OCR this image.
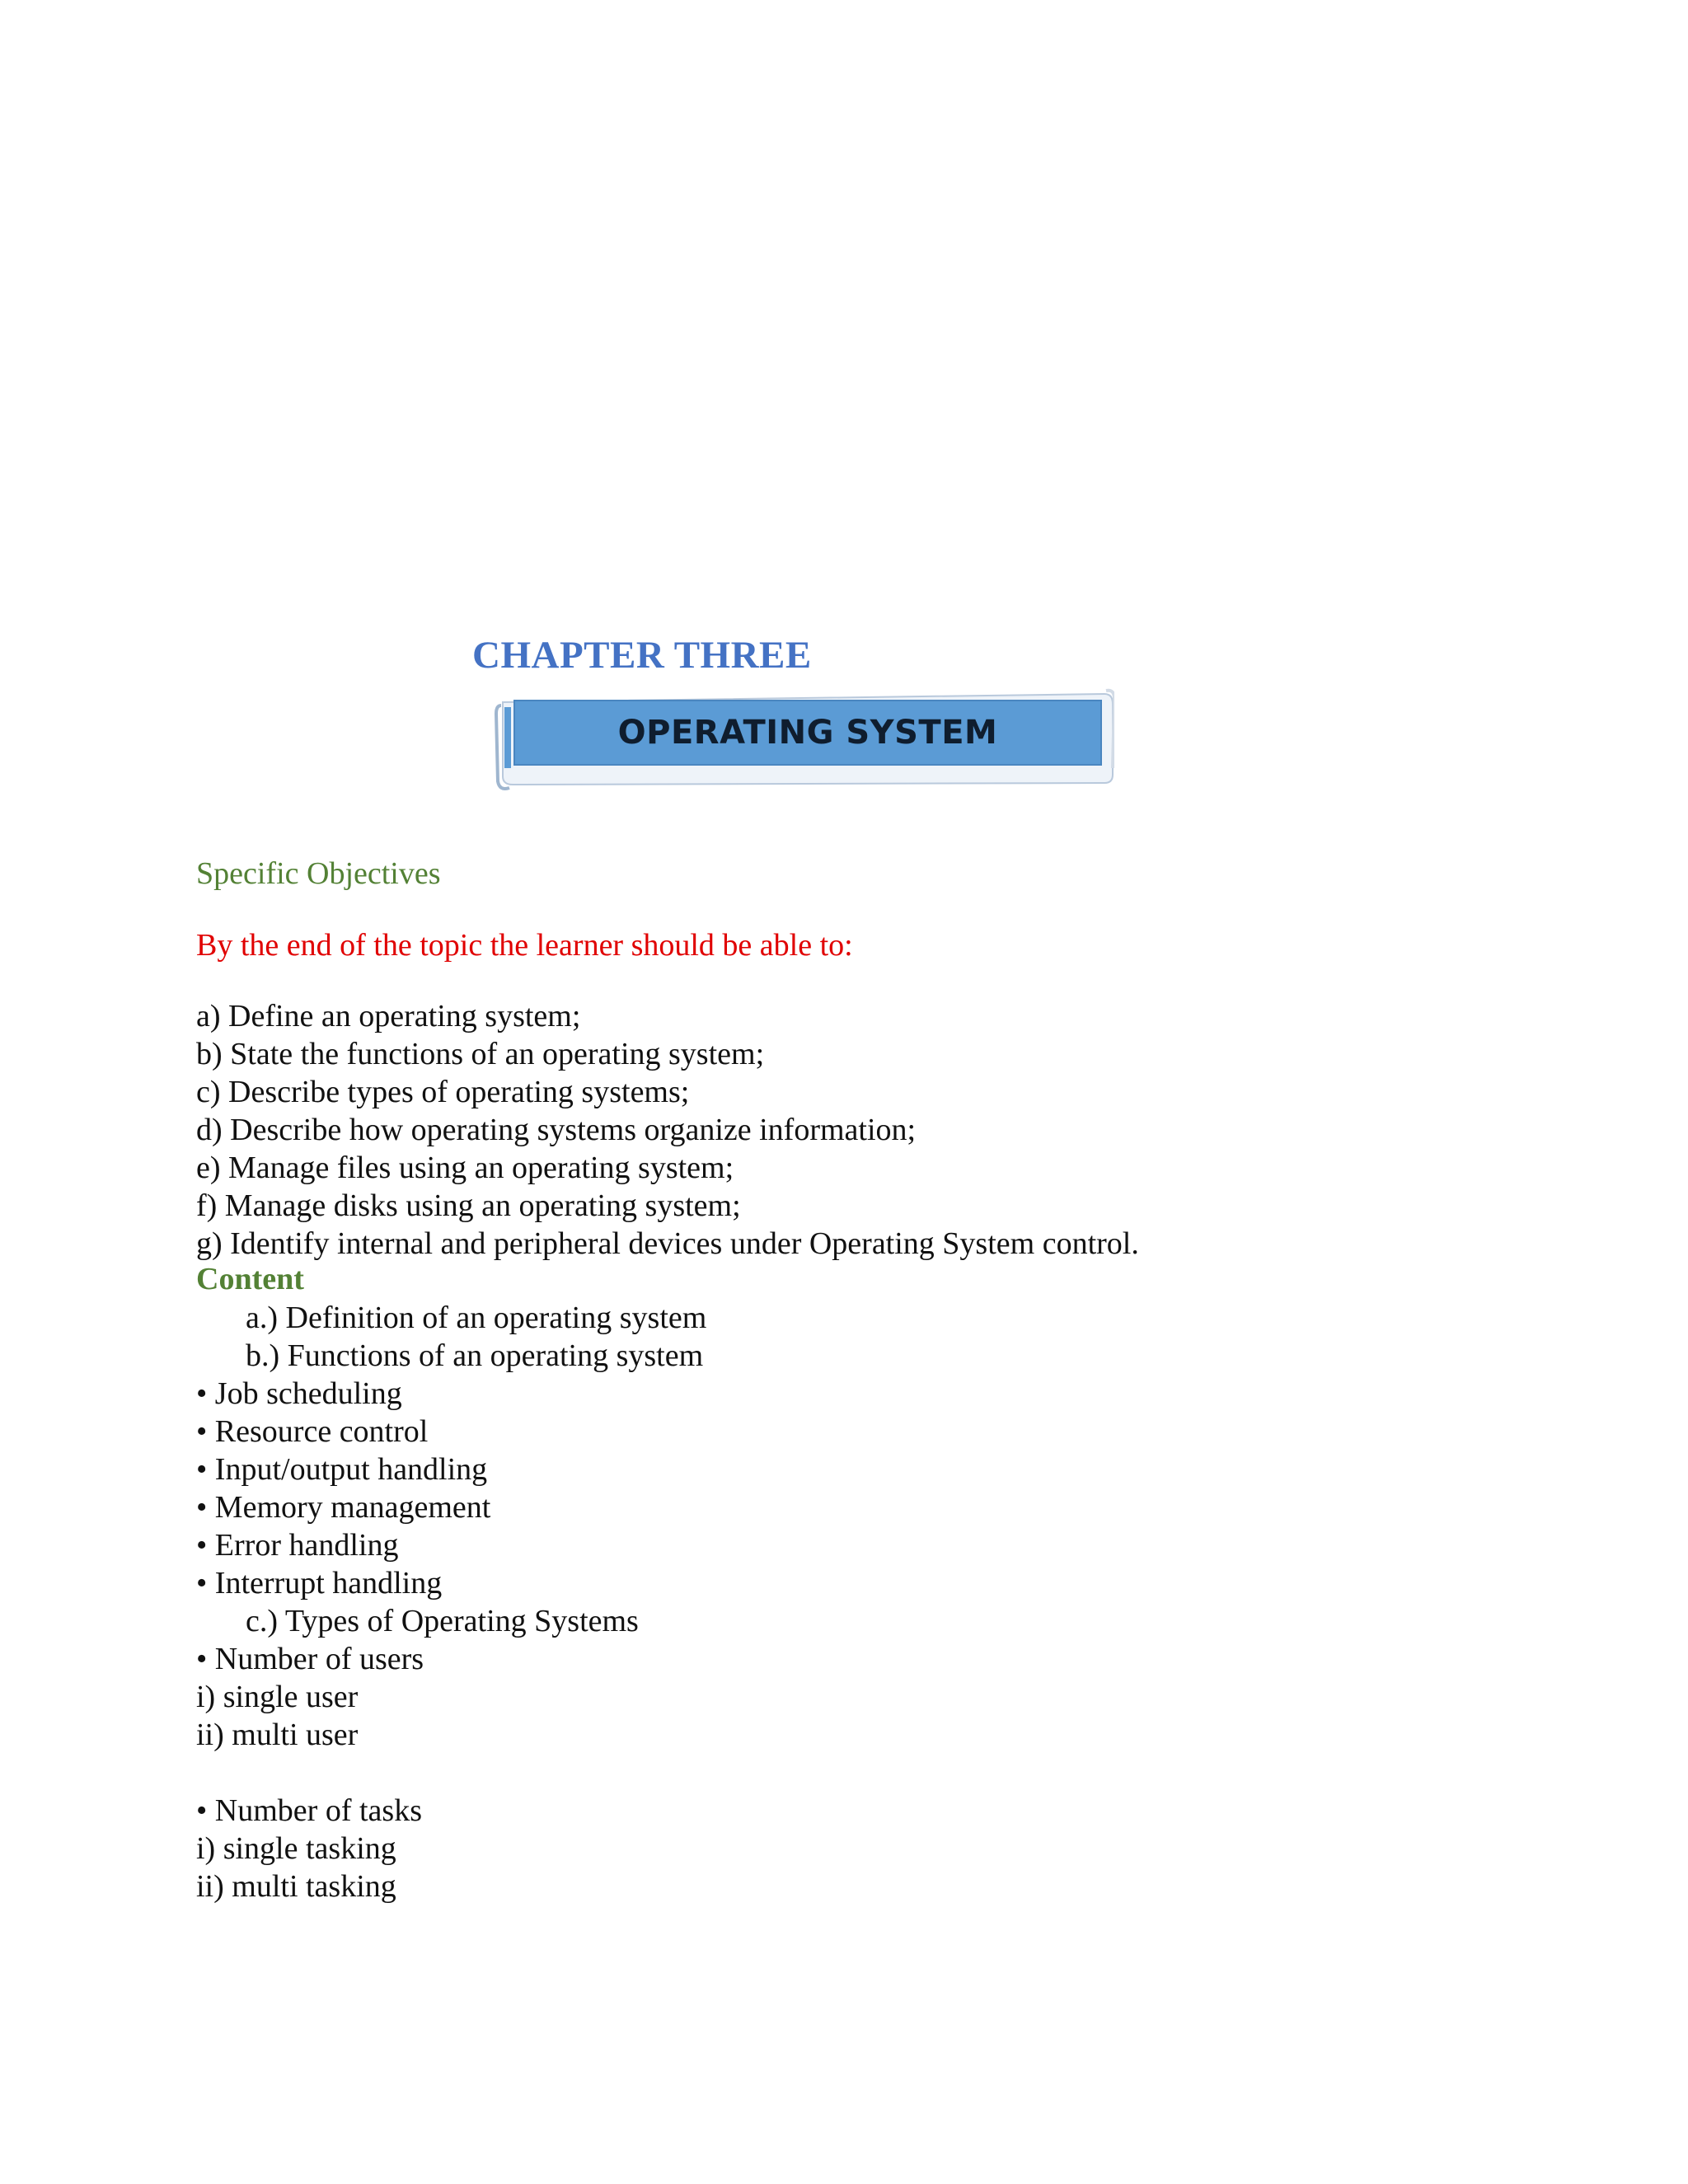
CHAPTER THREE
OPERATING SYSTEM
Specific Objectives
By the end of the topic the learner should be able to:
a) Define an operating system;
b) State the functions of an operating system;
c) Describe types of operating systems;
d) Describe how operating systems organize information;
e) Manage files using an operating system;
f) Manage disks using an operating system;
g) Identify internal and peripheral devices under Operating System control.
Content
a.) Definition of an operating system
b.) Functions of an operating system
• Job scheduling
• Resource control
• Input/output handling
• Memory management
• Error handling
• Interrupt handling
c.) Types of Operating Systems
• Number of users
i) single user
ii) multi user
• Number of tasks
i) single tasking
ii) multi tasking
